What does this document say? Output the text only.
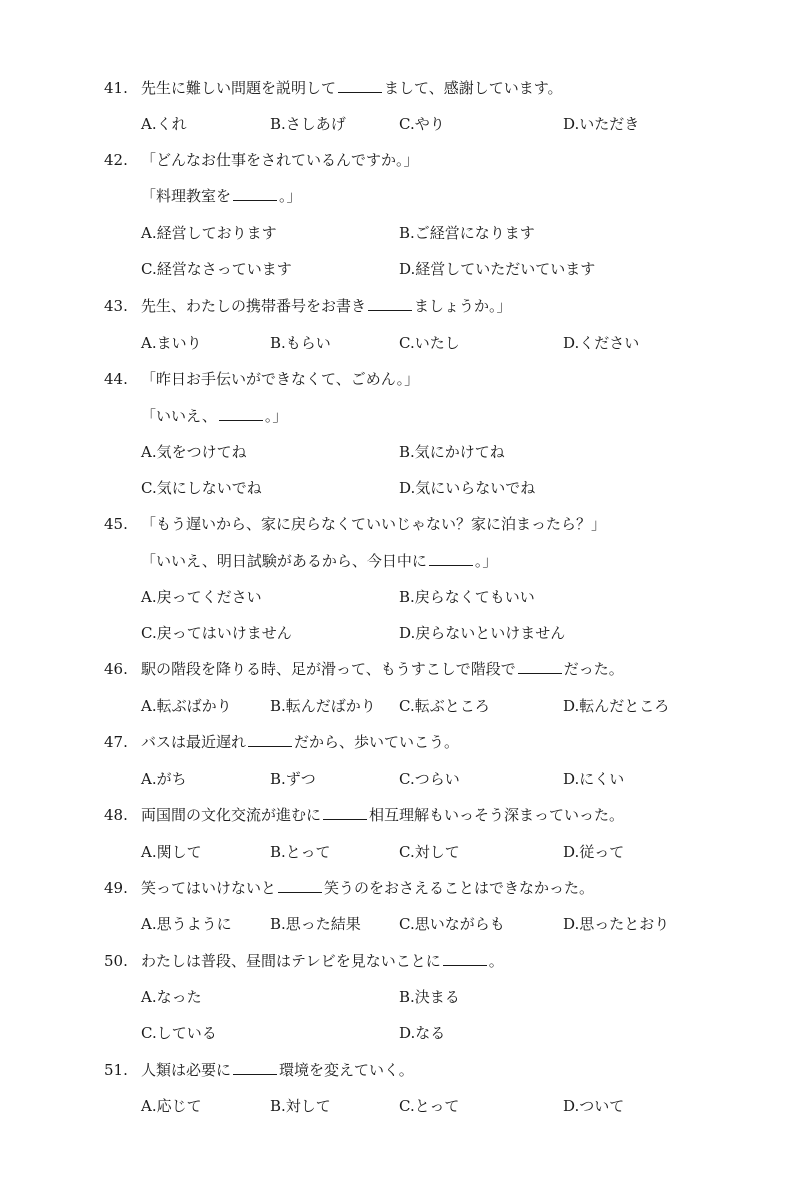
41. 先生に難しい問題を説明して	まして、感謝しています。
A.くれ	B.さしあげ	C.やり	D.いただき
42. 「どんなお仕事をされているんですか。」
「料理教室を	。」
A.経営しております	B.ご経営になります
C.経営なさっています	D.経営していただいています
43. 先生、わたしの携帯番号をお書き	ましょうか。」
A.まいり	B.もらい	C.いたし	D.ください
44. 「昨日お手伝いができなくて、ごめん。」
「いいえ、	。」
A.気をつけてね	B.気にかけてね
C.気にしないでね	D.気にいらないでね
45. 「もう遅いから、家に戻らなくていいじゃない？家に泊まったら？」
「いいえ、明日試験があるから、今日中に	。」
A.戻ってください	B.戻らなくてもいい
C.戻ってはいけません	D.戻らないといけません
46. 駅の階段を降りる時、足が滑って、もうすこしで階段で	だった。
A.転ぶばかり	B.転んだばかり C.転ぶところ	D.転んだところ
47. バスは最近遅れ	だから、歩いていこう。
A.がち	B.ずつ	C.つらい	D.にくい
48. 両国間の文化交流が進むに	相互理解もいっそう深まっていった。
A.関して	B.とって	C.対して	D.従って
49. 笑ってはいけないと	笑うのをおさえることはできなかった。
A.思うように	B.思った結果	C.思いながらも	D.思ったとおり
50. わたしは普段、昼間はテレビを見ないことに	。
A.なった	B.決まる
C.している	D.なる
51. 人類は必要に	環境を変えていく。
A.応じて	B.対して	C.とって	D.ついて
